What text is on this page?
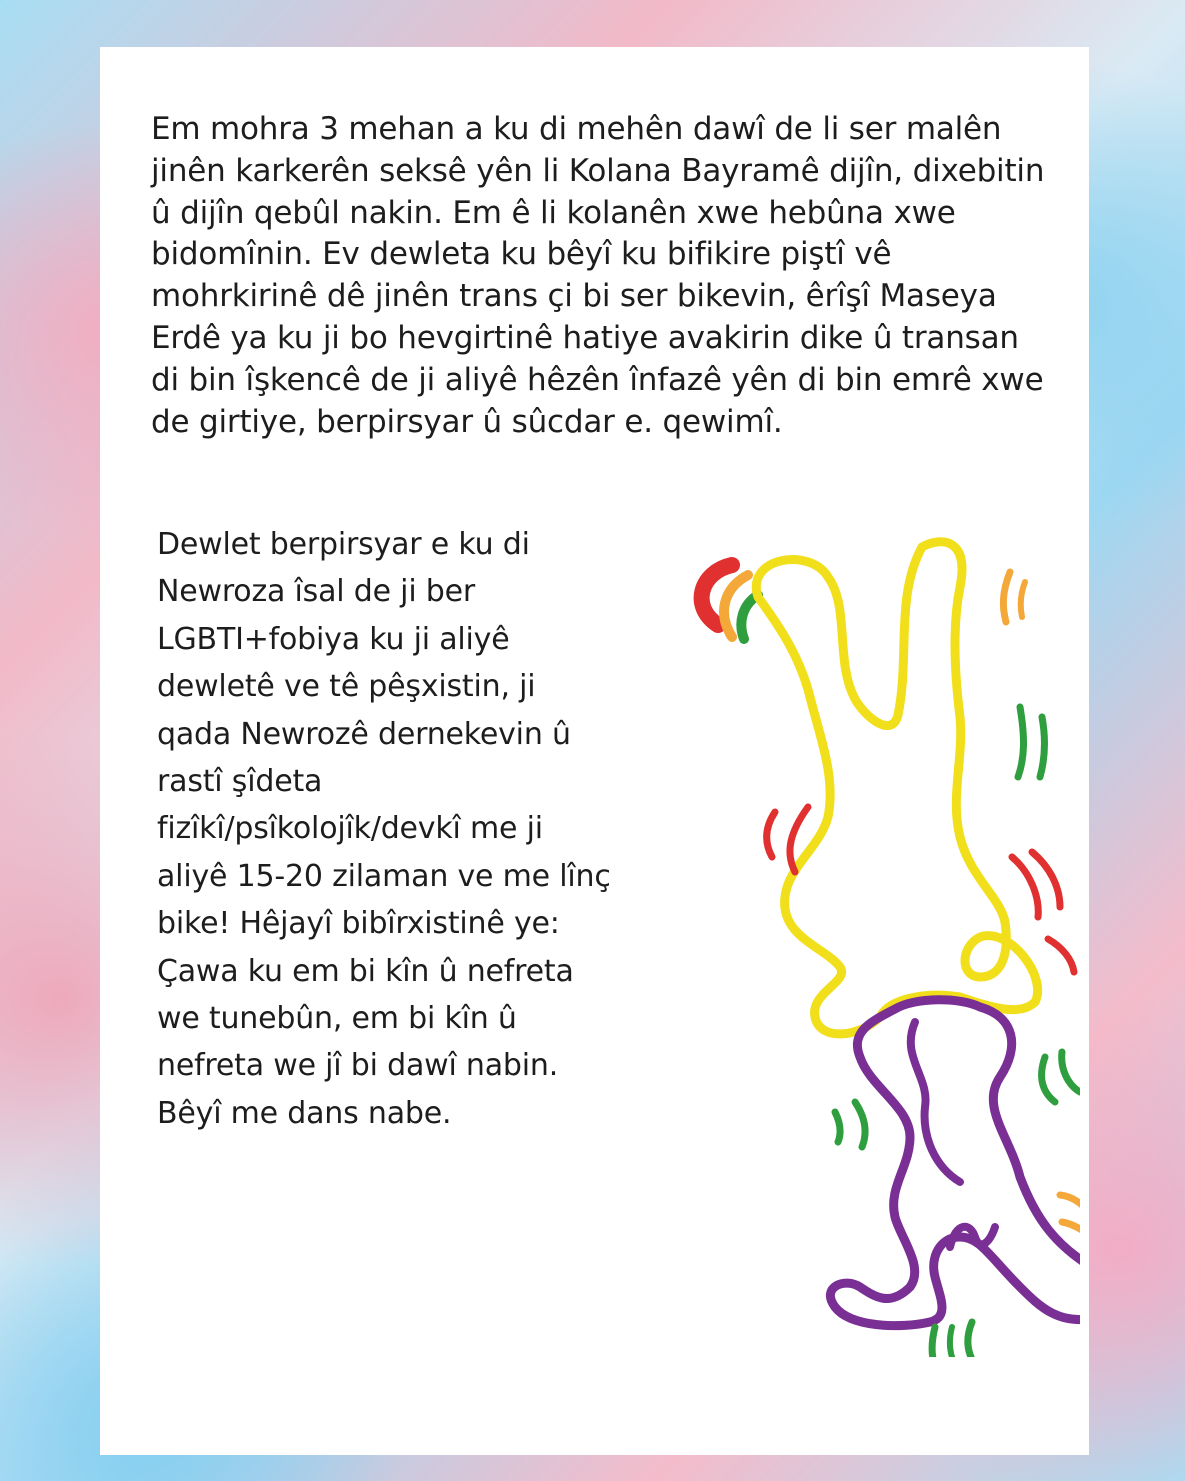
Em mohra 3 mehan a ku di mehên dawî de li ser malên jinên karkerên seksê yên li Kolana Bayramê dijîn, dixebitin û dijîn qebûl nakin. Em ê li kolanên xwe hebûna xwe bidomînin. Ev dewleta ku bêyî ku bifikire piştî vê mohrkirinê dê jinên trans çi bi ser bikevin, êrîşî Maseya Erdê ya ku ji bo hevgirtinê hatiye avakirin dike û transan di bin îşkencê de ji aliyê hêzên înfazê yên di bin emrê xwe de girtiye, berpirsyar û sûcdar e. qewimî.

Dewlet berpirsyar e ku di
Newroza îsal de ji ber
LGBTI+fobiya ku ji aliyê
dewletê ve tê pêşxistin, ji
qada Newrozê dernekevin û
rastî şîdeta
fizîkî/psîkolojîk/devkî me ji
aliyê 15-20 zilaman ve me lînç
bike! Hêjayî bibîrxistinê ye:
Çawa ku em bi kîn û nefreta
we tunebûn, em bi kîn û
nefreta we jî bi dawî nabin.
Bêyî me dans nabe.
